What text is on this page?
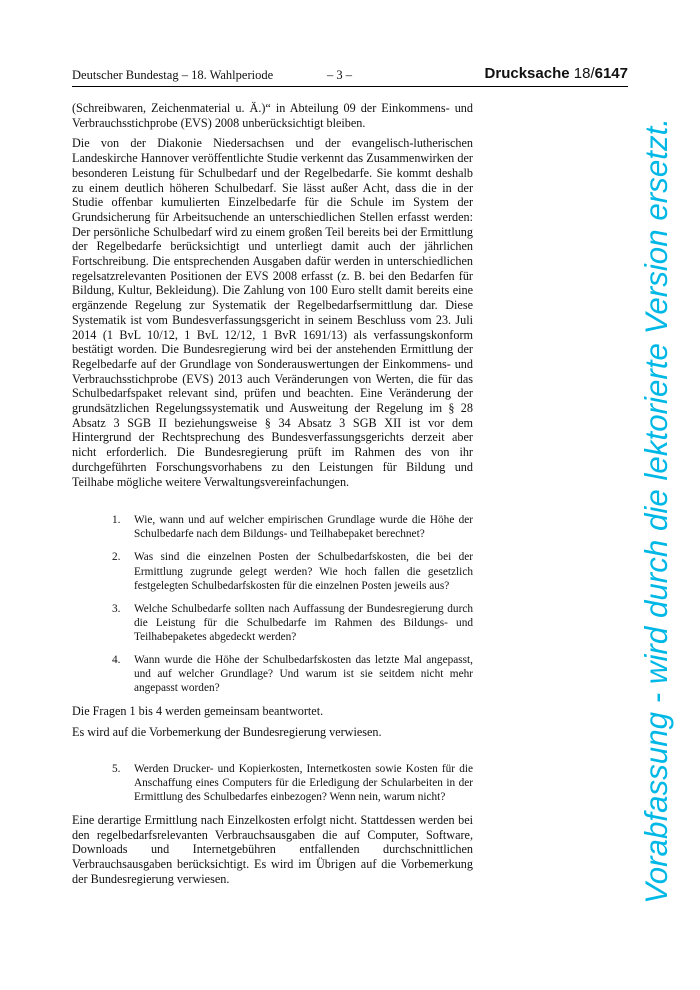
Deutscher Bundestag – 18. Wahlperiode	– 3 –	Drucksache 18/6147

(Schreibwaren, Zeichenmaterial u. Ä.)“ in Abteilung 09 der Einkommens- und Verbrauchsstichprobe (EVS) 2008 unberücksichtigt bleiben.

Die von der Diakonie Niedersachsen und der evangelisch-lutherischen Landeskirche Hannover veröffentlichte Studie verkennt das Zusammenwirken der besonderen Leistung für Schulbedarf und der Regelbedarfe. Sie kommt deshalb zu einem deutlich höheren Schulbedarf. Sie lässt außer Acht, dass die in der Studie offenbar kumulierten Einzelbedarfe für die Schule im System der Grundsicherung für Arbeitsuchende an unterschiedlichen Stellen erfasst werden: Der persönliche Schulbedarf wird zu einem großen Teil bereits bei der Ermittlung der Regelbedarfe berücksichtigt und unterliegt damit auch der jährlichen Fortschreibung. Die entsprechenden Ausgaben dafür werden in unterschiedlichen regelsatzrelevanten Positionen der EVS 2008 erfasst (z. B. bei den Bedarfen für Bildung, Kultur, Bekleidung). Die Zahlung von 100 Euro stellt damit bereits eine ergänzende Regelung zur Systematik der Regelbedarfsermittlung dar. Diese Systematik ist vom Bundesverfassungsgericht in seinem Beschluss vom 23. Juli 2014 (1 BvL 10/12, 1 BvL 12/12, 1 BvR 1691/13) als verfassungskonform bestätigt worden. Die Bundesregierung wird bei der anstehenden Ermittlung der Regelbedarfe auf der Grundlage von Sonderauswertungen der Einkommens- und Verbrauchsstichprobe (EVS) 2013 auch Veränderungen von Werten, die für das Schulbedarfspaket relevant sind, prüfen und beachten. Eine Veränderung der grundsätzlichen Regelungssystematik und Ausweitung der Regelung im § 28 Absatz 3 SGB II beziehungsweise § 34 Absatz 3 SGB XII ist vor dem Hintergrund der Rechtsprechung des Bundesverfassungsgerichts derzeit aber nicht erforderlich. Die Bundesregierung prüft im Rahmen des von ihr durchgeführten Forschungsvorhabens zu den Leistungen für Bildung und Teilhabe mögliche weitere Verwaltungsvereinfachungen.

1.	Wie, wann und auf welcher empirischen Grundlage wurde die Höhe der Schulbedarfe nach dem Bildungs- und Teilhabepaket berechnet?
2.	Was sind die einzelnen Posten der Schulbedarfskosten, die bei der Ermittlung zugrunde gelegt werden? Wie hoch fallen die gesetzlich festgelegten Schulbedarfskosten für die einzelnen Posten jeweils aus?
3.	Welche Schulbedarfe sollten nach Auffassung der Bundesregierung durch die Leistung für die Schulbedarfe im Rahmen des Bildungs- und Teilhabepaketes abgedeckt werden?
4.	Wann wurde die Höhe der Schulbedarfskosten das letzte Mal angepasst, und auf welcher Grundlage? Und warum ist sie seitdem nicht mehr angepasst worden?

Die Fragen 1 bis 4 werden gemeinsam beantwortet.

Es wird auf die Vorbemerkung der Bundesregierung verwiesen.

5.	Werden Drucker- und Kopierkosten, Internetkosten sowie Kosten für die Anschaffung eines Computers für die Erledigung der Schularbeiten in der Ermittlung des Schulbedarfes einbezogen? Wenn nein, warum nicht?

Eine derartige Ermittlung nach Einzelkosten erfolgt nicht. Stattdessen werden bei den regelbedarfsrelevanten Verbrauchsausgaben die auf Computer, Software, Downloads und Internetgebühren entfallenden durchschnittlichen Verbrauchsausgaben berücksichtigt. Es wird im Übrigen auf die Vorbemerkung der Bundesregierung verwiesen.	Vorabfassung - wird durch die lektorierte Version ersetzt.
